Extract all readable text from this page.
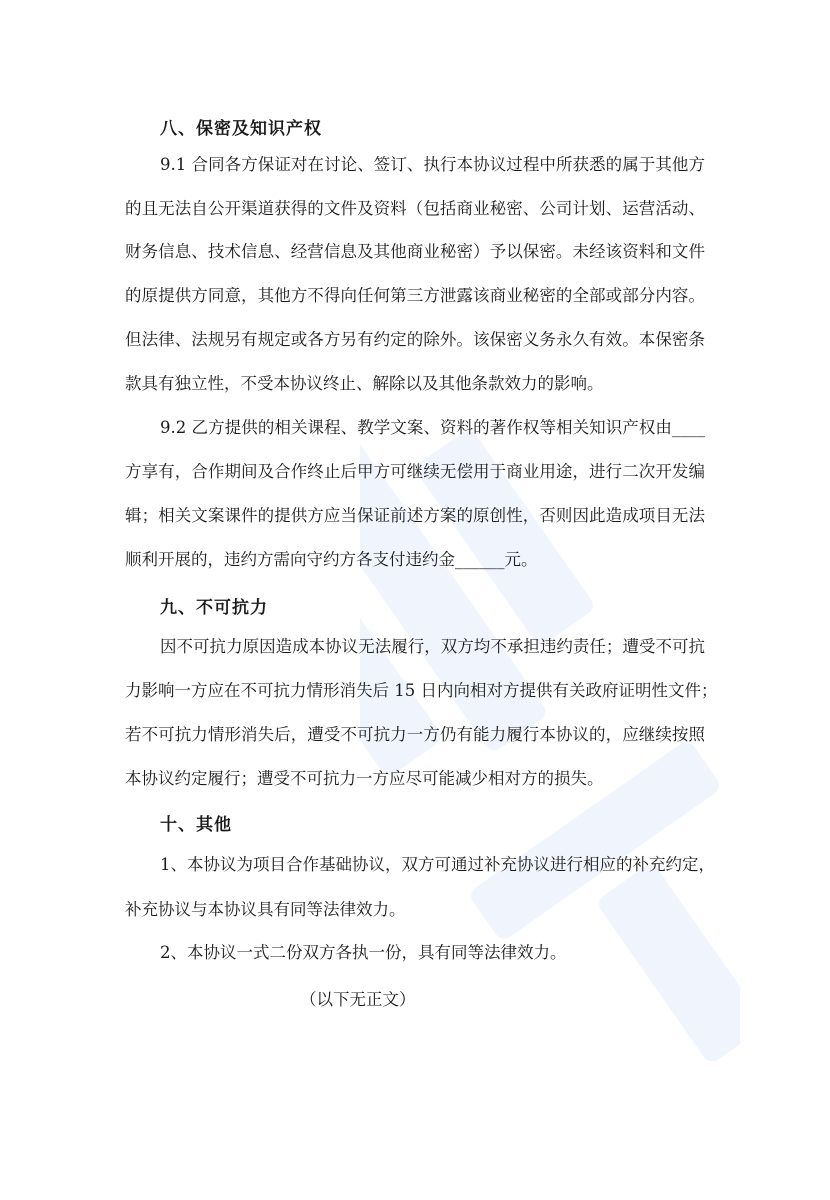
八、保密及知识产权
9.1 合同各方保证对在讨论、签订、执行本协议过程中所获悉的属于其他方
的且无法自公开渠道获得的文件及资料（包括商业秘密、公司计划、运营活动、
财务信息、技术信息、经营信息及其他商业秘密）予以保密。未经该资料和文件
的原提供方同意，其他方不得向任何第三方泄露该商业秘密的全部或部分内容。
但法律、法规另有规定或各方另有约定的除外。该保密义务永久有效。本保密条
款具有独立性，不受本协议终止、解除以及其他条款效力的影响。
9.2 乙方提供的相关课程、教学文案、资料的著作权等相关知识产权由____
方享有，合作期间及合作终止后甲方可继续无偿用于商业用途，进行二次开发编
辑；相关文案课件的提供方应当保证前述方案的原创性，否则因此造成项目无法
顺利开展的，违约方需向守约方各支付违约金______元。
九、不可抗力
因不可抗力原因造成本协议无法履行，双方均不承担违约责任；遭受不可抗
力影响一方应在不可抗力情形消失后 15 日内向相对方提供有关政府证明性文件；
若不可抗力情形消失后，遭受不可抗力一方仍有能力履行本协议的，应继续按照
本协议约定履行；遭受不可抗力一方应尽可能减少相对方的损失。
十、其他
1、本协议为项目合作基础协议，双方可通过补充协议进行相应的补充约定，
补充协议与本协议具有同等法律效力。
2、本协议一式二份双方各执一份，具有同等法律效力。
（以下无正文）
